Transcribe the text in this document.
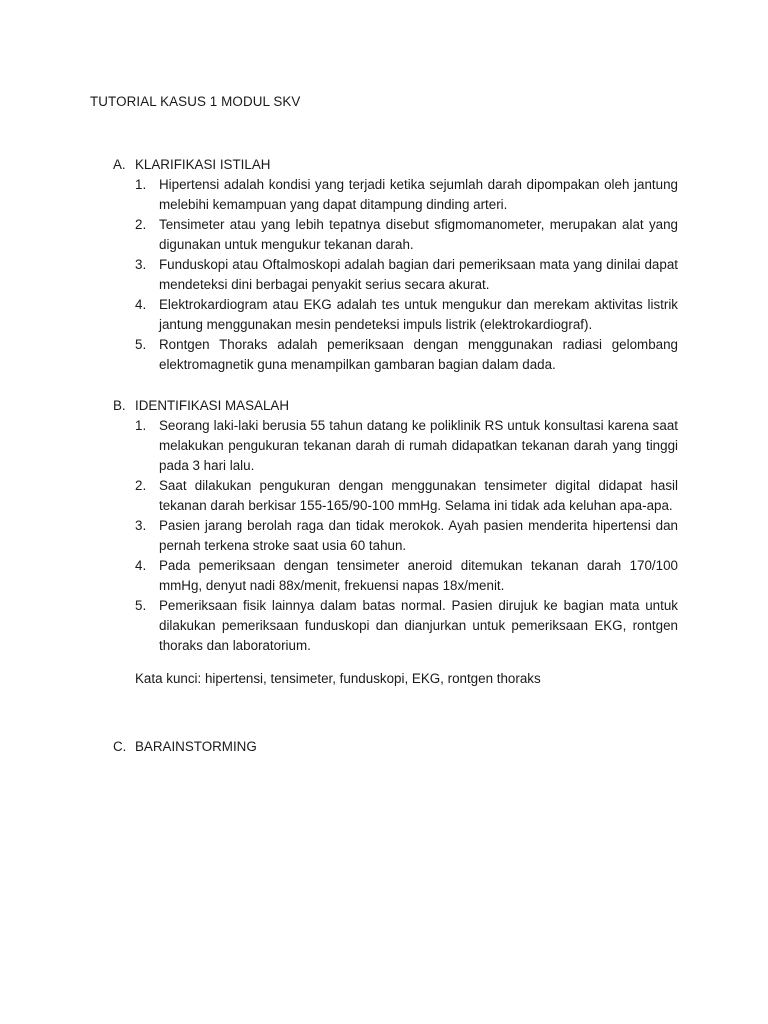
TUTORIAL KASUS 1 MODUL SKV
A. KLARIFIKASI ISTILAH
1. Hipertensi adalah kondisi yang terjadi ketika sejumlah darah dipompakan oleh jantung melebihi kemampuan yang dapat ditampung dinding arteri.
2. Tensimeter atau yang lebih tepatnya disebut sfigmomanometer, merupakan alat yang digunakan untuk mengukur tekanan darah.
3. Funduskopi atau Oftalmoskopi adalah bagian dari pemeriksaan mata yang dinilai dapat mendeteksi dini berbagai penyakit serius secara akurat.
4. Elektrokardiogram atau EKG adalah tes untuk mengukur dan merekam aktivitas listrik jantung menggunakan mesin pendeteksi impuls listrik (elektrokardiograf).
5. Rontgen Thoraks adalah pemeriksaan dengan menggunakan radiasi gelombang elektromagnetik guna menampilkan gambaran bagian dalam dada.
B. IDENTIFIKASI MASALAH
1. Seorang laki-laki berusia 55 tahun datang ke poliklinik RS untuk konsultasi karena saat melakukan pengukuran tekanan darah di rumah didapatkan tekanan darah yang tinggi pada 3 hari lalu.
2. Saat dilakukan pengukuran dengan menggunakan tensimeter digital didapat hasil tekanan darah berkisar 155-165/90-100 mmHg. Selama ini tidak ada keluhan apa-apa.
3. Pasien jarang berolah raga dan tidak merokok. Ayah pasien menderita hipertensi dan pernah terkena stroke saat usia 60 tahun.
4. Pada pemeriksaan dengan tensimeter aneroid ditemukan tekanan darah 170/100 mmHg, denyut nadi 88x/menit, frekuensi napas 18x/menit.
5. Pemeriksaan fisik lainnya dalam batas normal. Pasien dirujuk ke bagian mata untuk dilakukan pemeriksaan funduskopi dan dianjurkan untuk pemeriksaan EKG, rontgen thoraks dan laboratorium.

Kata kunci: hipertensi, tensimeter, funduskopi, EKG, rontgen thoraks

C. BARAINSTORMING
